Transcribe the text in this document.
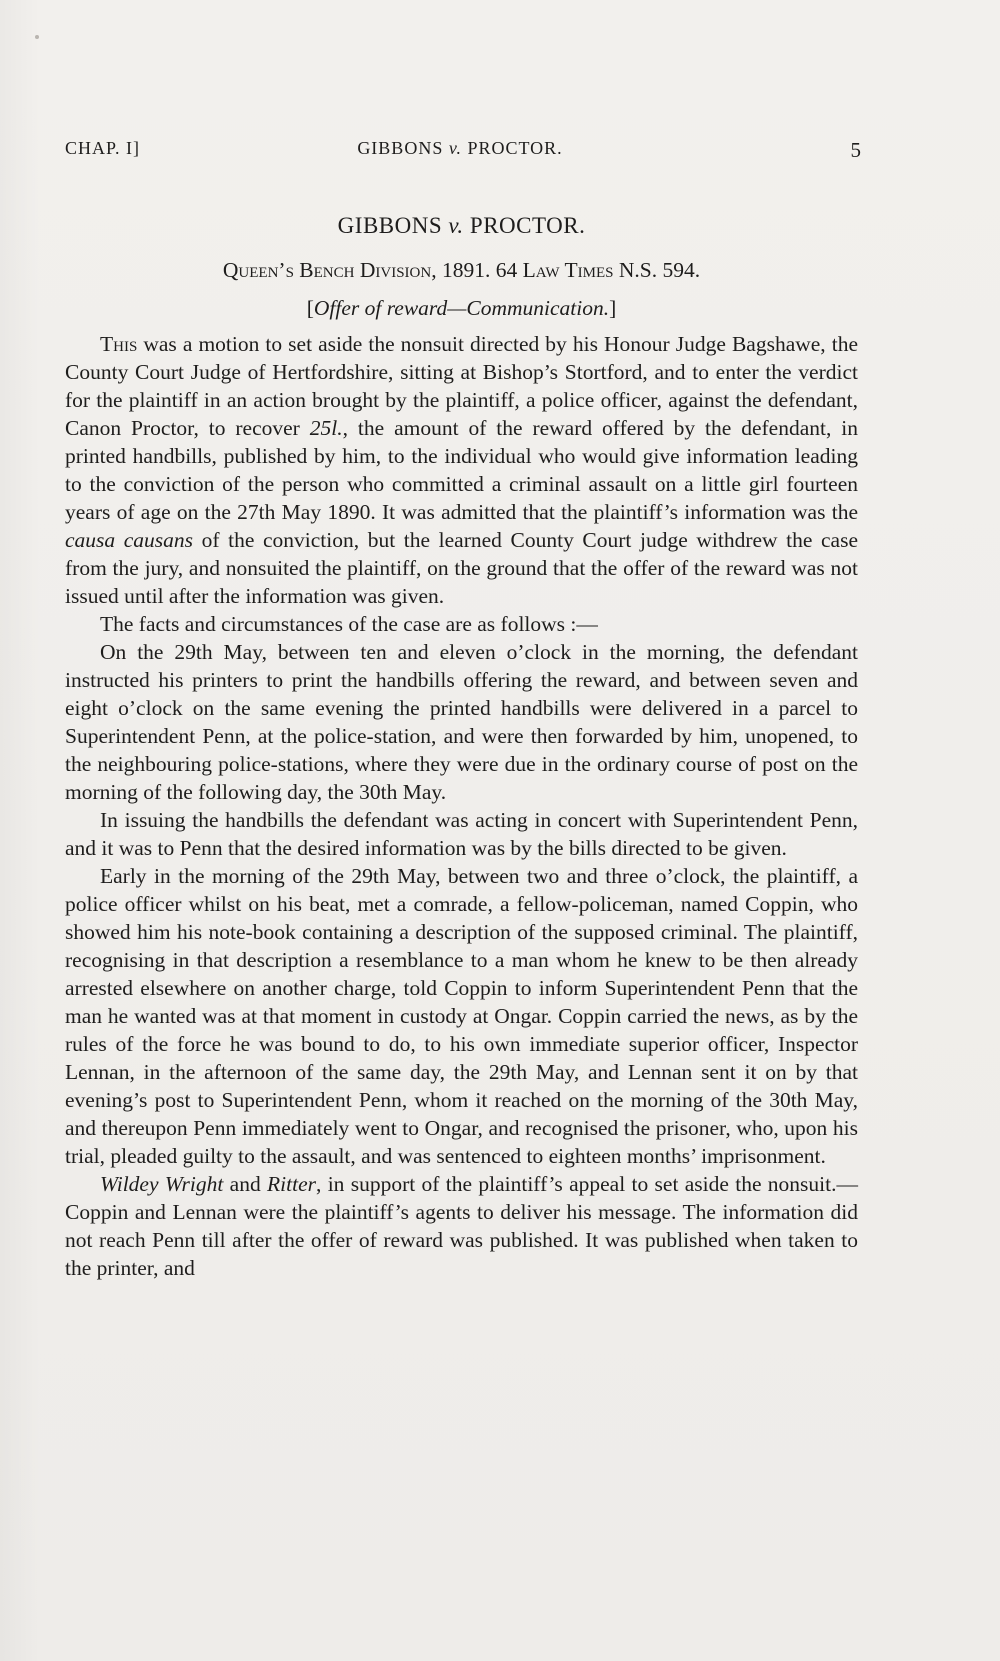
CHAP. I]	GIBBONS v. PROCTOR.	5
GIBBONS v. PROCTOR.
Queen’s Bench Division, 1891. 64 Law Times N.S. 594.
[Offer of reward—Communication.]

This was a motion to set aside the nonsuit directed by his Honour Judge Bagshawe, the County Court Judge of Hertfordshire, sitting at Bishop’s Stortford, and to enter the verdict for the plaintiff in an action brought by the plaintiff, a police officer, against the defendant, Canon Proctor, to recover 25l., the amount of the reward offered by the defendant, in printed handbills, published by him, to the individual who would give information leading to the conviction of the person who committed a criminal assault on a little girl fourteen years of age on the 27th May 1890. It was admitted that the plaintiff’s information was the causa causans of the conviction, but the learned County Court judge withdrew the case from the jury, and nonsuited the plaintiff, on the ground that the offer of the reward was not issued until after the information was given.

The facts and circumstances of the case are as follows :—

On the 29th May, between ten and eleven o’clock in the morning, the defendant instructed his printers to print the handbills offering the reward, and between seven and eight o’clock on the same evening the printed handbills were delivered in a parcel to Superintendent Penn, at the police-station, and were then forwarded by him, unopened, to the neighbouring police-stations, where they were due in the ordinary course of post on the morning of the following day, the 30th May.

In issuing the handbills the defendant was acting in concert with Superintendent Penn, and it was to Penn that the desired information was by the bills directed to be given.

Early in the morning of the 29th May, between two and three o’clock, the plaintiff, a police officer whilst on his beat, met a comrade, a fellow-policeman, named Coppin, who showed him his note-book containing a description of the supposed criminal. The plaintiff, recognising in that description a resemblance to a man whom he knew to be then already arrested elsewhere on another charge, told Coppin to inform Superintendent Penn that the man he wanted was at that moment in custody at Ongar. Coppin carried the news, as by the rules of the force he was bound to do, to his own immediate superior officer, Inspector Lennan, in the afternoon of the same day, the 29th May, and Lennan sent it on by that evening’s post to Superintendent Penn, whom it reached on the morning of the 30th May, and thereupon Penn immediately went to Ongar, and recognised the prisoner, who, upon his trial, pleaded guilty to the assault, and was sentenced to eighteen months’ imprisonment.

Wildey Wright and Ritter, in support of the plaintiff’s appeal to set aside the nonsuit.—Coppin and Lennan were the plaintiff’s agents to deliver his message. The information did not reach Penn till after the offer of reward was published. It was published when taken to the printer, and
